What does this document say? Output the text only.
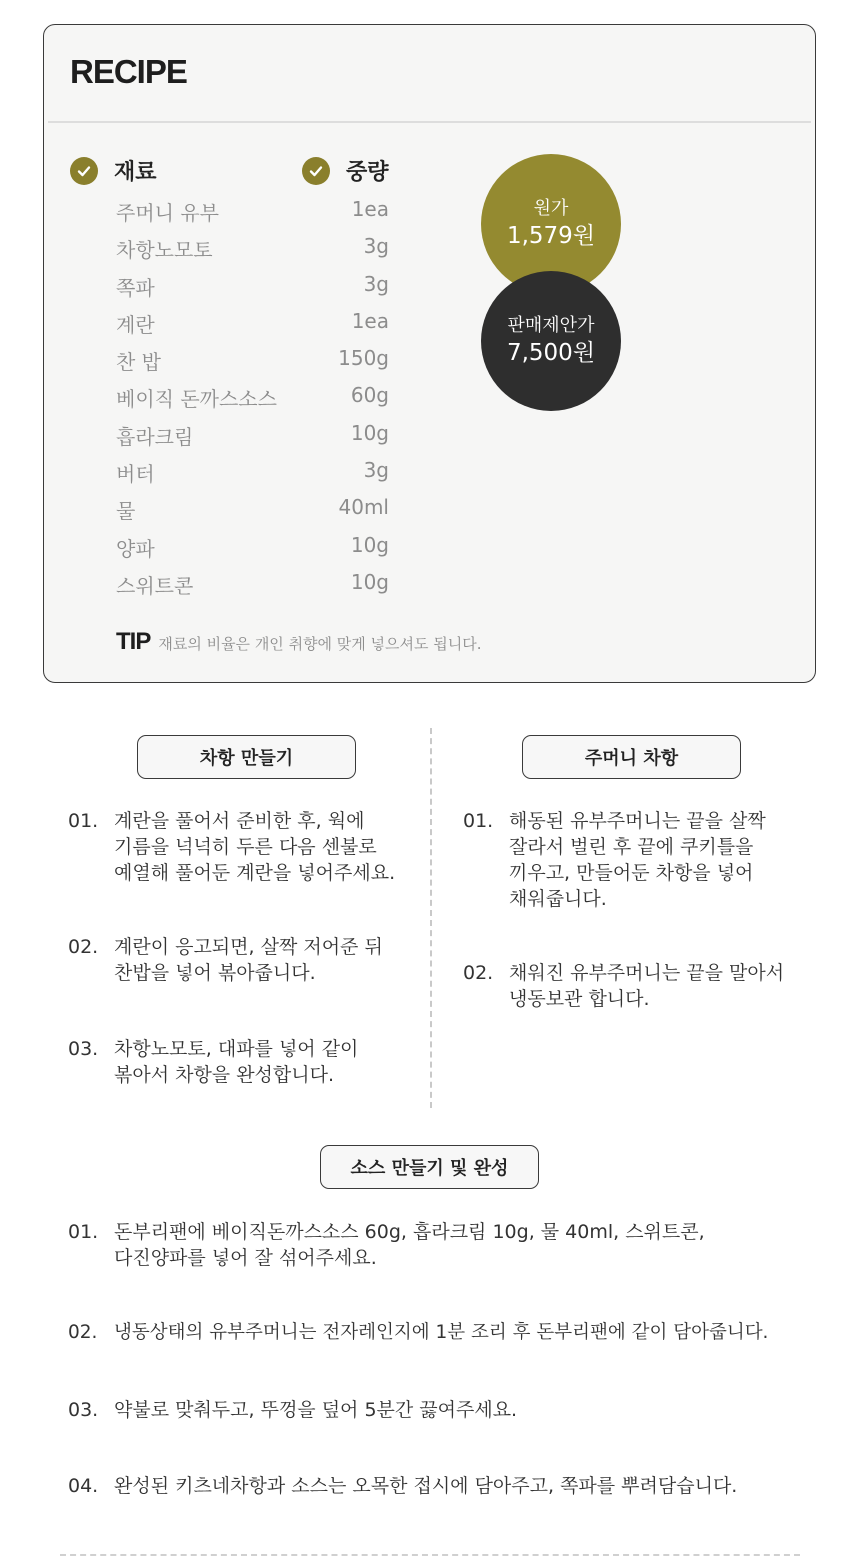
RECIPE
재료	중량
주머니 유부	1ea
차항노모토	3g
쪽파	3g
계란	1ea
찬 밥	150g
베이직 돈까스소스	60g
흡라크림	10g
버터	3g
물	40ml
양파	10g
스위트콘	10g
원가
1,579원
판매제안가
7,500원
TIP 재료의 비율은 개인 취향에 맞게 넣으셔도 됩니다.
차항 만들기	주머니 차항
01. 계란을 풀어서 준비한 후, 웍에
기름을 넉넉히 두른 다음 센불로
예열해 풀어둔 계란을 넣어주세요.
02. 계란이 응고되면, 살짝 저어준 뒤
찬밥을 넣어 볶아줍니다.
03. 차항노모토, 대파를 넣어 같이
볶아서 차항을 완성합니다.
01. 해동된 유부주머니는 끝을 살짝
잘라서 벌린 후 끝에 쿠키틀을
끼우고, 만들어둔 차항을 넣어
채워줍니다.
02. 채워진 유부주머니는 끝을 말아서
냉동보관 합니다.
소스 만들기 및 완성
01. 돈부리팬에 베이직돈까스소스 60g, 흡라크림 10g, 물 40ml, 스위트콘,
다진양파를 넣어 잘 섞어주세요.
02. 냉동상태의 유부주머니는 전자레인지에 1분 조리 후 돈부리팬에 같이 담아줍니다.
03. 약불로 맞춰두고, 뚜껑을 덮어 5분간 끓여주세요.
04. 완성된 키츠네차항과 소스는 오목한 접시에 담아주고, 쪽파를 뿌려담습니다.
